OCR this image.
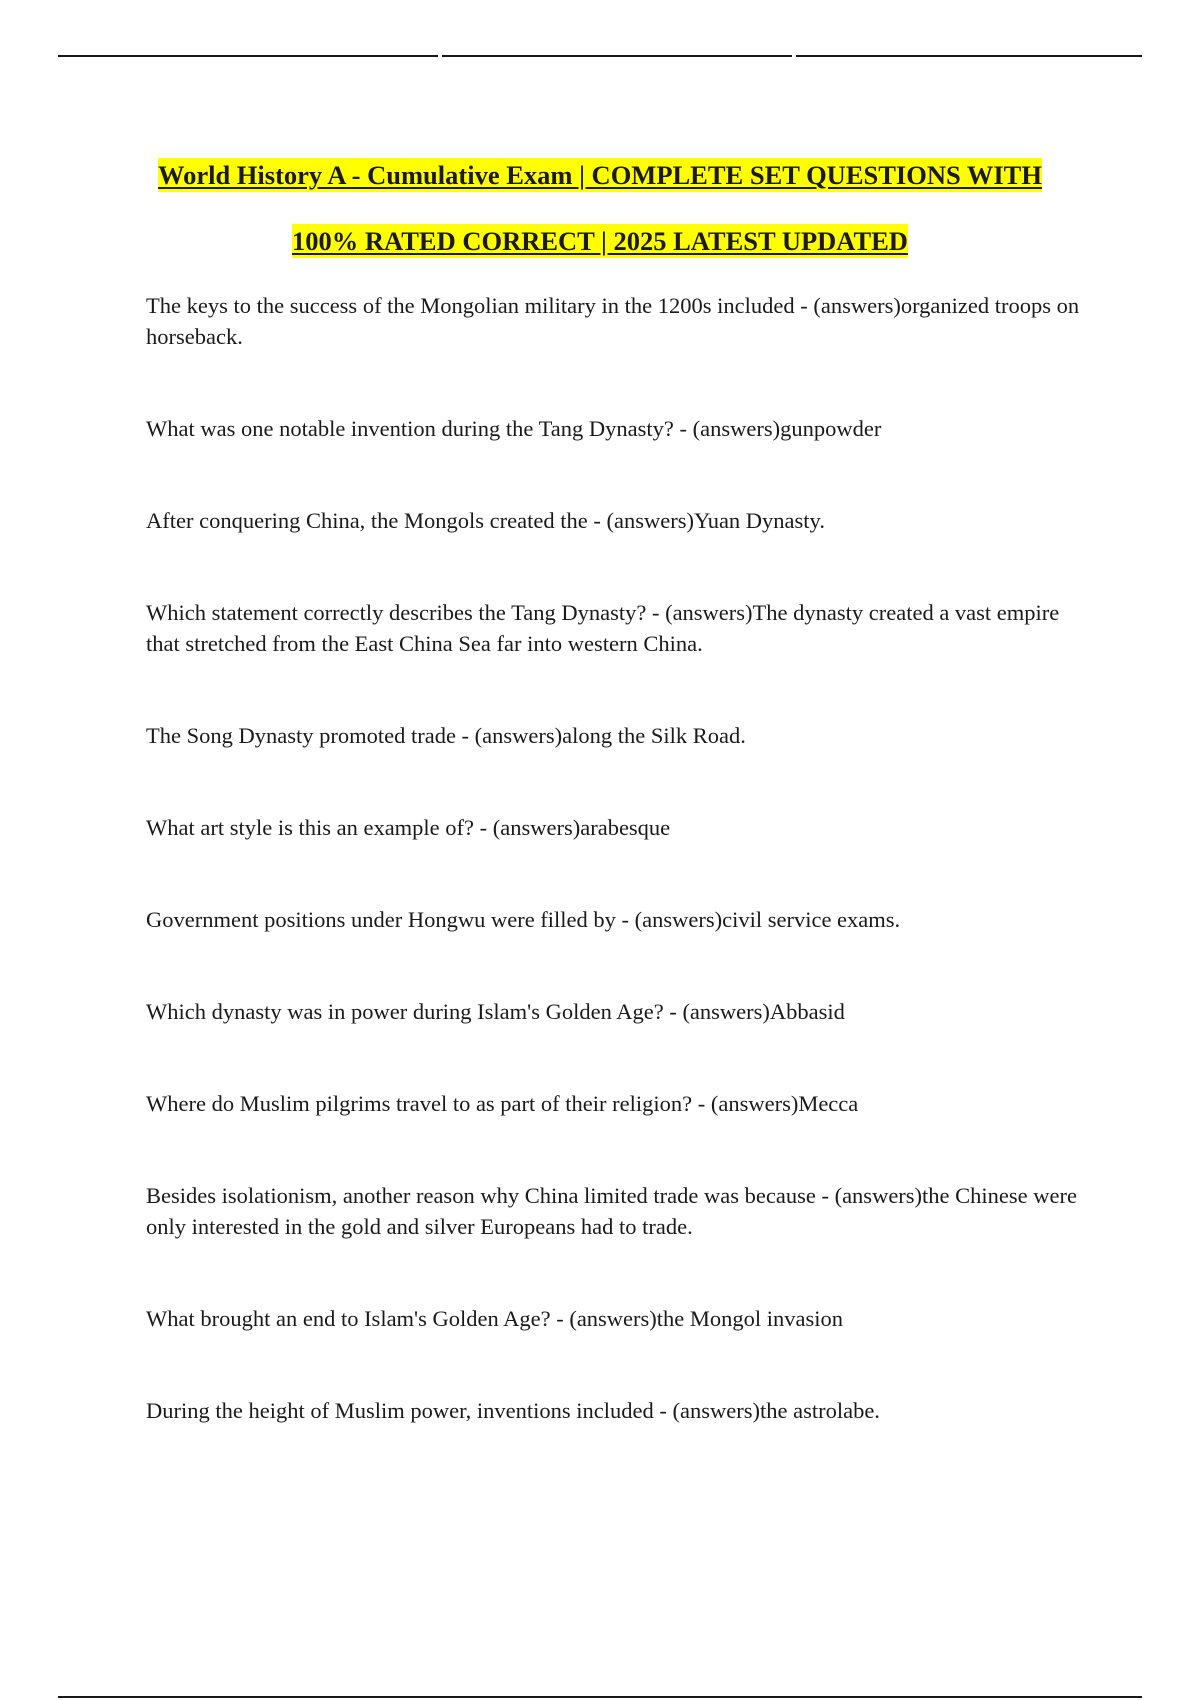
World History A - Cumulative Exam | COMPLETE SET QUESTIONS WITH
100% RATED CORRECT | 2025 LATEST UPDATED
The keys to the success of the Mongolian military in the 1200s included - (answers)organized troops on horseback.
What was one notable invention during the Tang Dynasty? - (answers)gunpowder
After conquering China, the Mongols created the - (answers)Yuan Dynasty.
Which statement correctly describes the Tang Dynasty? - (answers)The dynasty created a vast empire that stretched from the East China Sea far into western China.
The Song Dynasty promoted trade - (answers)along the Silk Road.
What art style is this an example of? - (answers)arabesque
Government positions under Hongwu were filled by - (answers)civil service exams.
Which dynasty was in power during Islam's Golden Age? - (answers)Abbasid
Where do Muslim pilgrims travel to as part of their religion? - (answers)Mecca
Besides isolationism, another reason why China limited trade was because - (answers)the Chinese were only interested in the gold and silver Europeans had to trade.
What brought an end to Islam's Golden Age? - (answers)the Mongol invasion
During the height of Muslim power, inventions included - (answers)the astrolabe.
